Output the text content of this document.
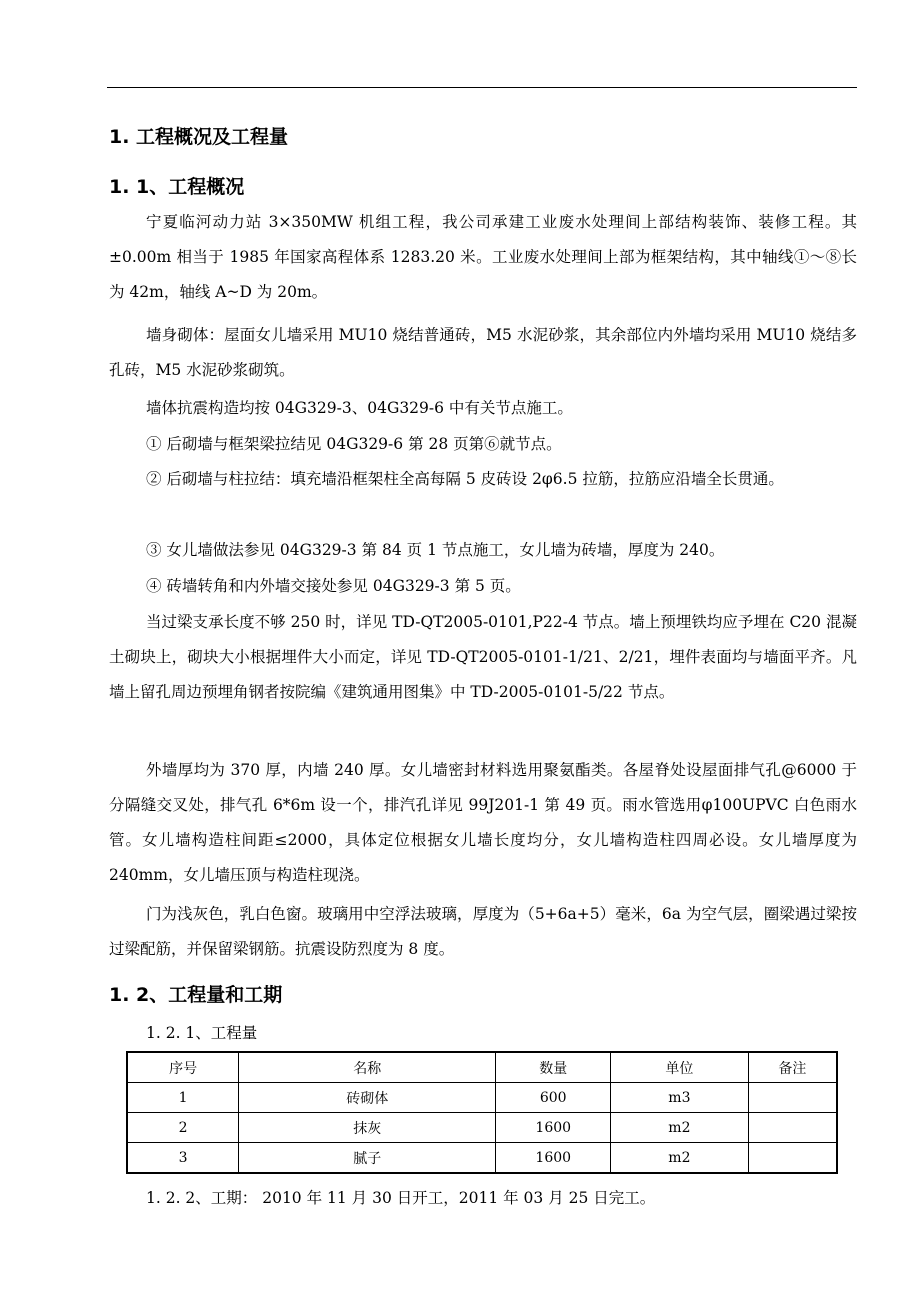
1. 工程概况及工程量
1. 1、工程概况
宁夏临河动力站 3×350MW 机组工程，我公司承建工业废水处理间上部结构装饰、装修工程。其±0.00m 相当于 1985 年国家高程体系 1283.20 米。工业废水处理间上部为框架结构，其中轴线①～⑧长为 42m，轴线 A~D 为 20m。
墙身砌体：屋面女儿墙采用 MU10 烧结普通砖，M5 水泥砂浆，其余部位内外墙均采用 MU10 烧结多孔砖，M5 水泥砂浆砌筑。
墙体抗震构造均按 04G329-3、04G329-6 中有关节点施工。
① 后砌墙与框架梁拉结见 04G329-6 第 28 页第⑥就节点。
② 后砌墙与柱拉结：填充墙沿框架柱全高每隔 5 皮砖设 2φ6.5 拉筋，拉筋应沿墙全长贯通。
③ 女儿墙做法参见 04G329-3 第 84 页 1 节点施工，女儿墙为砖墙，厚度为 240。
④ 砖墙转角和内外墙交接处参见 04G329-3 第 5 页。
当过梁支承长度不够 250 时，详见 TD-QT2005-0101,P22-4 节点。墙上预埋铁均应予埋在 C20 混凝土砌块上，砌块大小根据埋件大小而定，详见 TD-QT2005-0101-1/21、2/21，埋件表面均与墙面平齐。凡墙上留孔周边预埋角钢者按院编《建筑通用图集》中 TD-2005-0101-5/22 节点。
外墙厚均为 370 厚，内墙 240 厚。女儿墙密封材料选用聚氨酯类。各屋脊处设屋面排气孔@6000 于分隔缝交叉处，排气孔 6*6m 设一个，排汽孔详见 99J201-1 第 49 页。雨水管选用φ100UPVC 白色雨水管。女儿墙构造柱间距≤2000，具体定位根据女儿墙长度均分，女儿墙构造柱四周必设。女儿墙厚度为 240mm，女儿墙压顶与构造柱现浇。
门为浅灰色，乳白色窗。玻璃用中空浮法玻璃，厚度为（5+6a+5）毫米，6a 为空气层，圈梁遇过梁按过梁配筋，并保留梁钢筋。抗震设防烈度为 8 度。
1. 2、工程量和工期
1. 2. 1、工程量
序号	名称	数量	单位	备注
1	砖砌体	600	m3	
2	抹灰	1600	m2	
3	腻子	1600	m2	
1. 2. 2、工期： 2010 年 11 月 30 日开工，2011 年 03 月 25 日完工。
